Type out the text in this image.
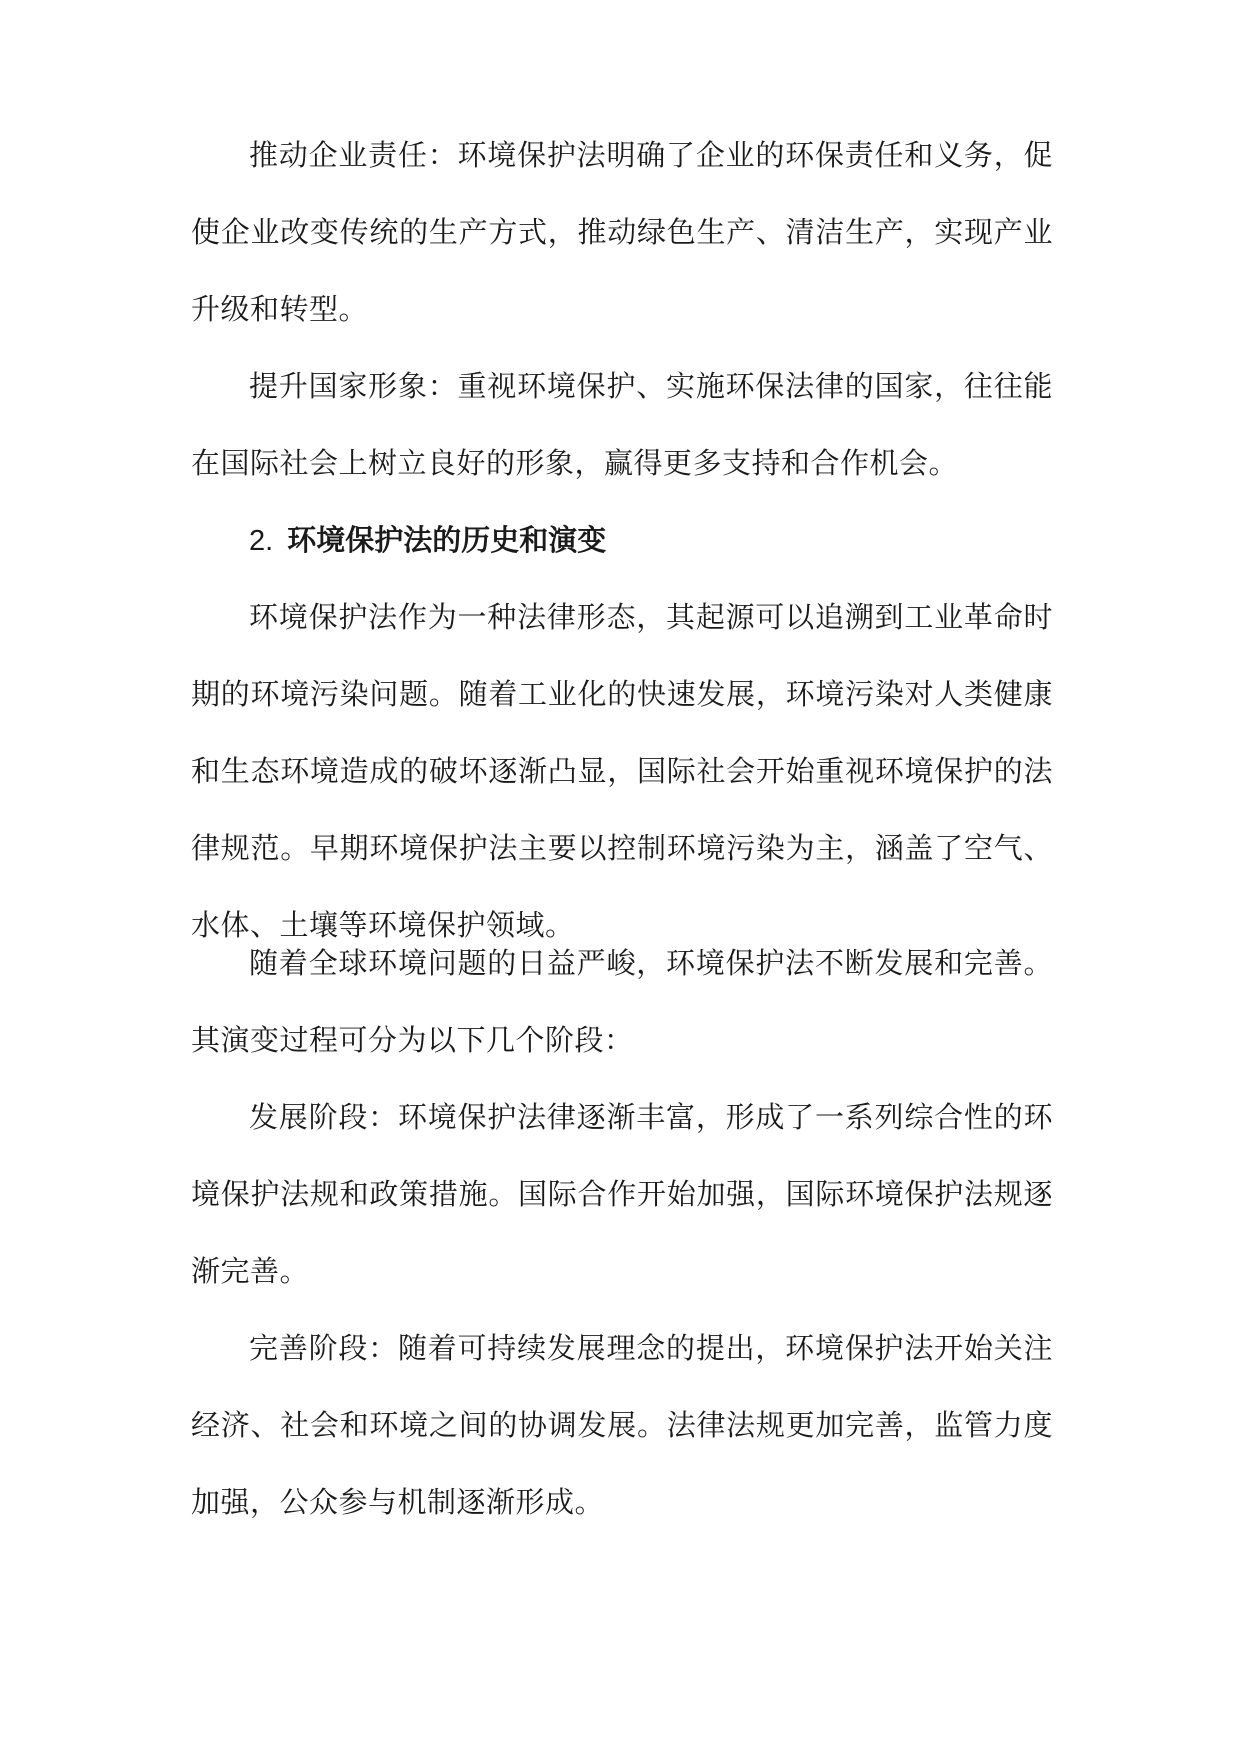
推动企业责任：环境保护法明确了企业的环保责任和义务，促使企业改变传统的生产方式，推动绿色生产、清洁生产，实现产业升级和转型。

提升国家形象：重视环境保护、实施环保法律的国家，往往能在国际社会上树立良好的形象，赢得更多支持和合作机会。

2. 环境保护法的历史和演变

环境保护法作为一种法律形态，其起源可以追溯到工业革命时期的环境污染问题。随着工业化的快速发展，环境污染对人类健康和生态环境造成的破坏逐渐凸显，国际社会开始重视环境保护的法律规范。早期环境保护法主要以控制环境污染为主，涵盖了空气、水体、土壤等环境保护领域。

随着全球环境问题的日益严峻，环境保护法不断发展和完善。其演变过程可分为以下几个阶段：

发展阶段：环境保护法律逐渐丰富，形成了一系列综合性的环境保护法规和政策措施。国际合作开始加强，国际环境保护法规逐渐完善。

完善阶段：随着可持续发展理念的提出，环境保护法开始关注经济、社会和环境之间的协调发展。法律法规更加完善，监管力度加强，公众参与机制逐渐形成。
